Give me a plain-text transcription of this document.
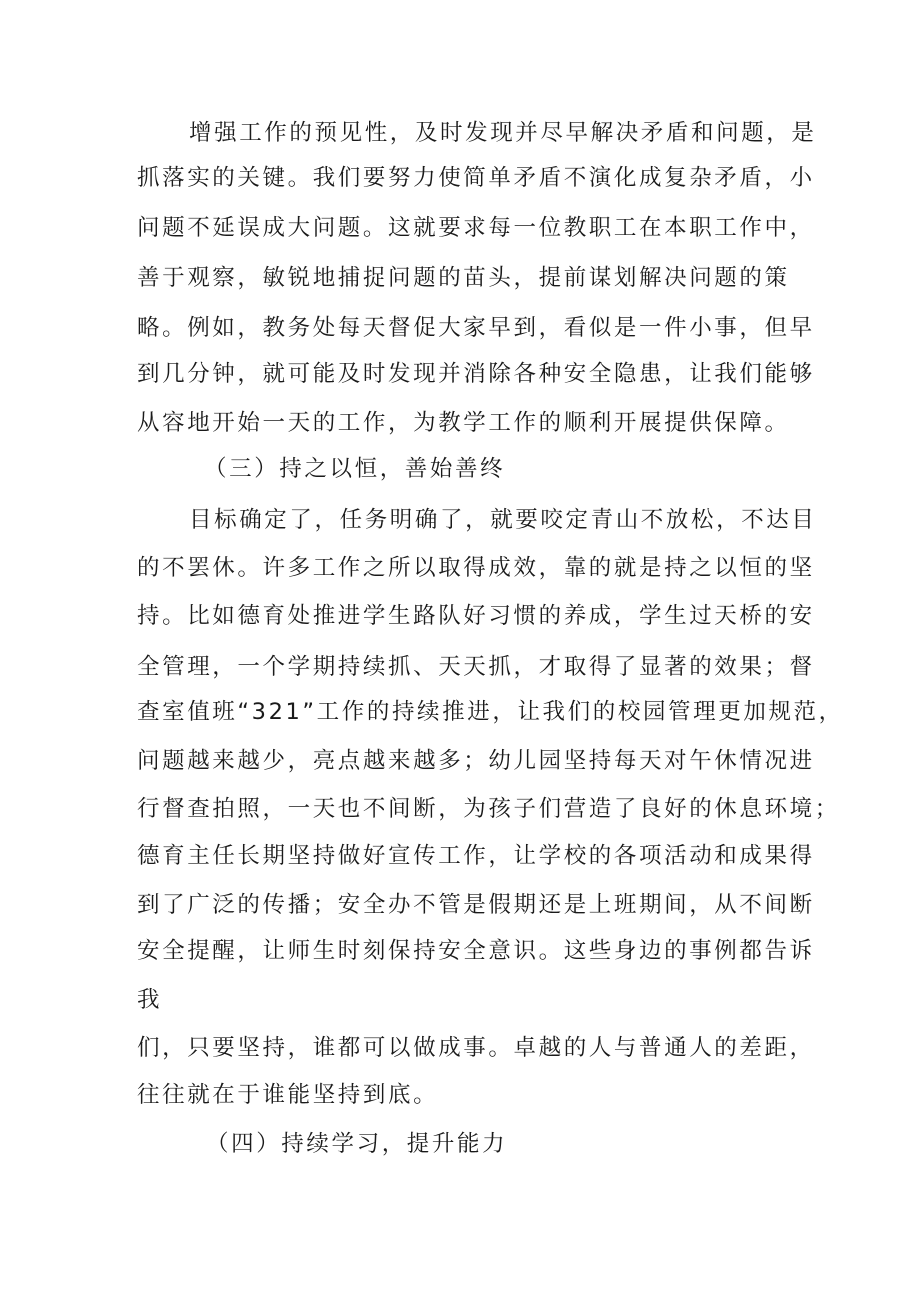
增强工作的预见性，及时发现并尽早解决矛盾和问题，是

抓落实的关键。我们要努力使简单矛盾不演化成复杂矛盾，小

问题不延误成大问题。这就要求每一位教职工在本职工作中，

善于观察，敏锐地捕捉问题的苗头，提前谋划解决问题的策

略。例如，教务处每天督促大家早到，看似是一件小事，但早

到几分钟，就可能及时发现并消除各种安全隐患，让我们能够

从容地开始一天的工作，为教学工作的顺利开展提供保障。

（三）持之以恒，善始善终

目标确定了，任务明确了，就要咬定青山不放松，不达目

的不罢休。许多工作之所以取得成效，靠的就是持之以恒的坚

持。比如德育处推进学生路队好习惯的养成，学生过天桥的安

全管理，一个学期持续抓、天天抓，才取得了显著的效果；督

查室值班“321”工作的持续推进，让我们的校园管理更加规范，

问题越来越少，亮点越来越多；幼儿园坚持每天对午休情况进

行督查拍照，一天也不间断，为孩子们营造了良好的休息环境；

德育主任长期坚持做好宣传工作，让学校的各项活动和成果得

到了广泛的传播；安全办不管是假期还是上班期间，从不间断

安全提醒，让师生时刻保持安全意识。这些身边的事例都告诉

我

们，只要坚持，谁都可以做成事。卓越的人与普通人的差距，

往往就在于谁能坚持到底。

（四）持续学习，提升能力
